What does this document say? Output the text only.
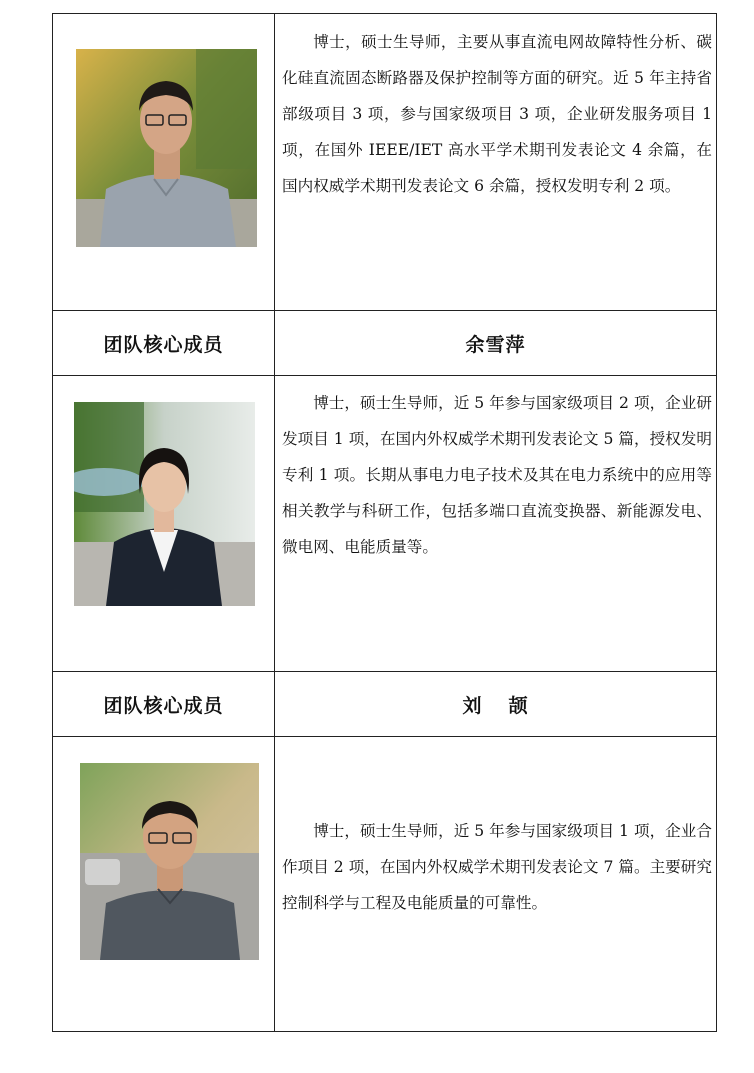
博士，硕士生导师，主要从事直流电网故障特性分析、碳化硅直流固态断路器及保护控制等方面的研究。近 5 年主持省部级项目 3 项，参与国家级项目 3 项，企业研发服务项目 1 项，在国外 IEEE/IET 高水平学术期刊发表论文 4 余篇，在国内权威学术期刊发表论文 6 余篇，授权发明专利 2 项。

团队核心成员	余雪萍

博士，硕士生导师，近 5 年参与国家级项目 2 项，企业研发项目 1 项，在国内外权威学术期刊发表论文 5 篇，授权发明专利 1 项。长期从事电力电子技术及其在电力系统中的应用等相关教学与科研工作，包括多端口直流变换器、新能源发电、微电网、电能质量等。

团队核心成员	刘 颉

博士，硕士生导师，近 5 年参与国家级项目 1 项，企业合作项目 2 项，在国内外权威学术期刊发表论文 7 篇。主要研究控制科学与工程及电能质量的可靠性。
